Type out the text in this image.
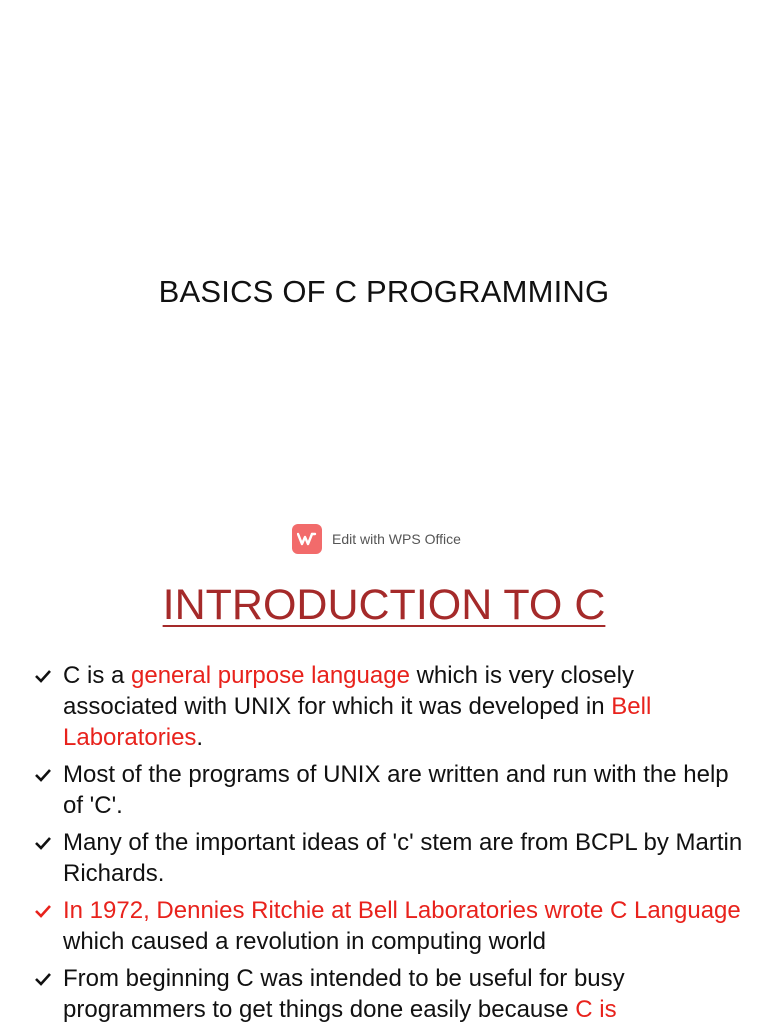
BASICS OF C PROGRAMMING
Edit with WPS Office
INTRODUCTION TO C
C is a general purpose language which is very closely associated with UNIX for which it was developed in Bell Laboratories.
Most of the programs of UNIX are written and run with the help of 'C'.
Many of the important ideas of 'c' stem are from BCPL by Martin Richards.
In 1972, Dennies Ritchie at Bell Laboratories wrote C Language which caused a revolution in computing world
From beginning C was intended to be useful for busy programmers to get things done easily because C is
